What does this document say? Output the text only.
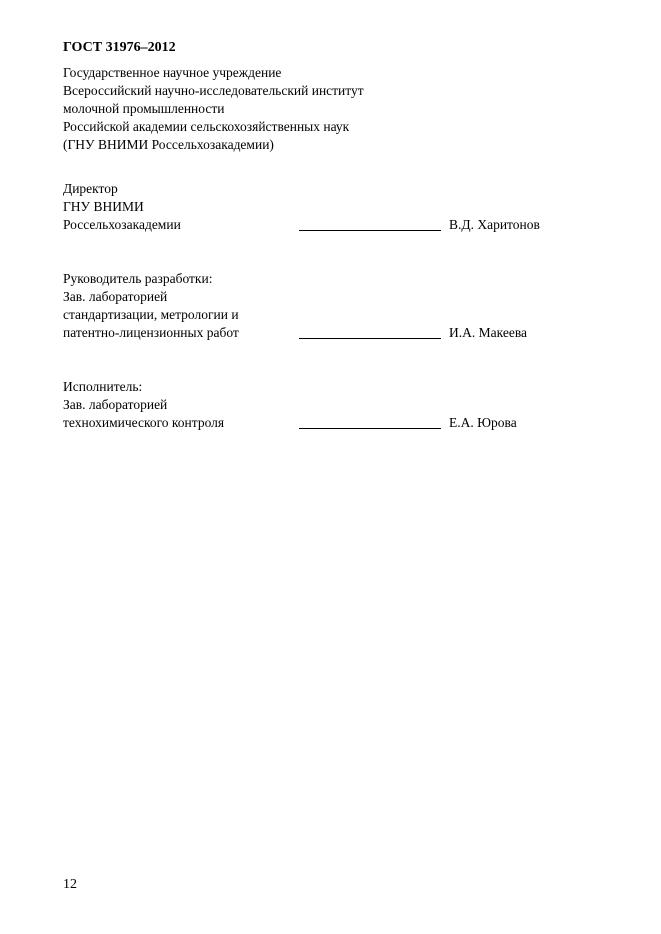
ГОСТ 31976–2012
Государственное научное учреждение
Всероссийский научно-исследовательский институт
молочной промышленности
Российской академии сельскохозяйственных наук
(ГНУ ВНИМИ Россельхозакадемии)
Директор
ГНУ ВНИМИ
Россельхозакадемии	В.Д. Харитонов
Руководитель разработки:
Зав. лабораторией
стандартизации, метрологии и
патентно-лицензионных работ	И.А. Макеева
Исполнитель:
Зав. лабораторией
технохимического контроля	Е.А. Юрова
12
